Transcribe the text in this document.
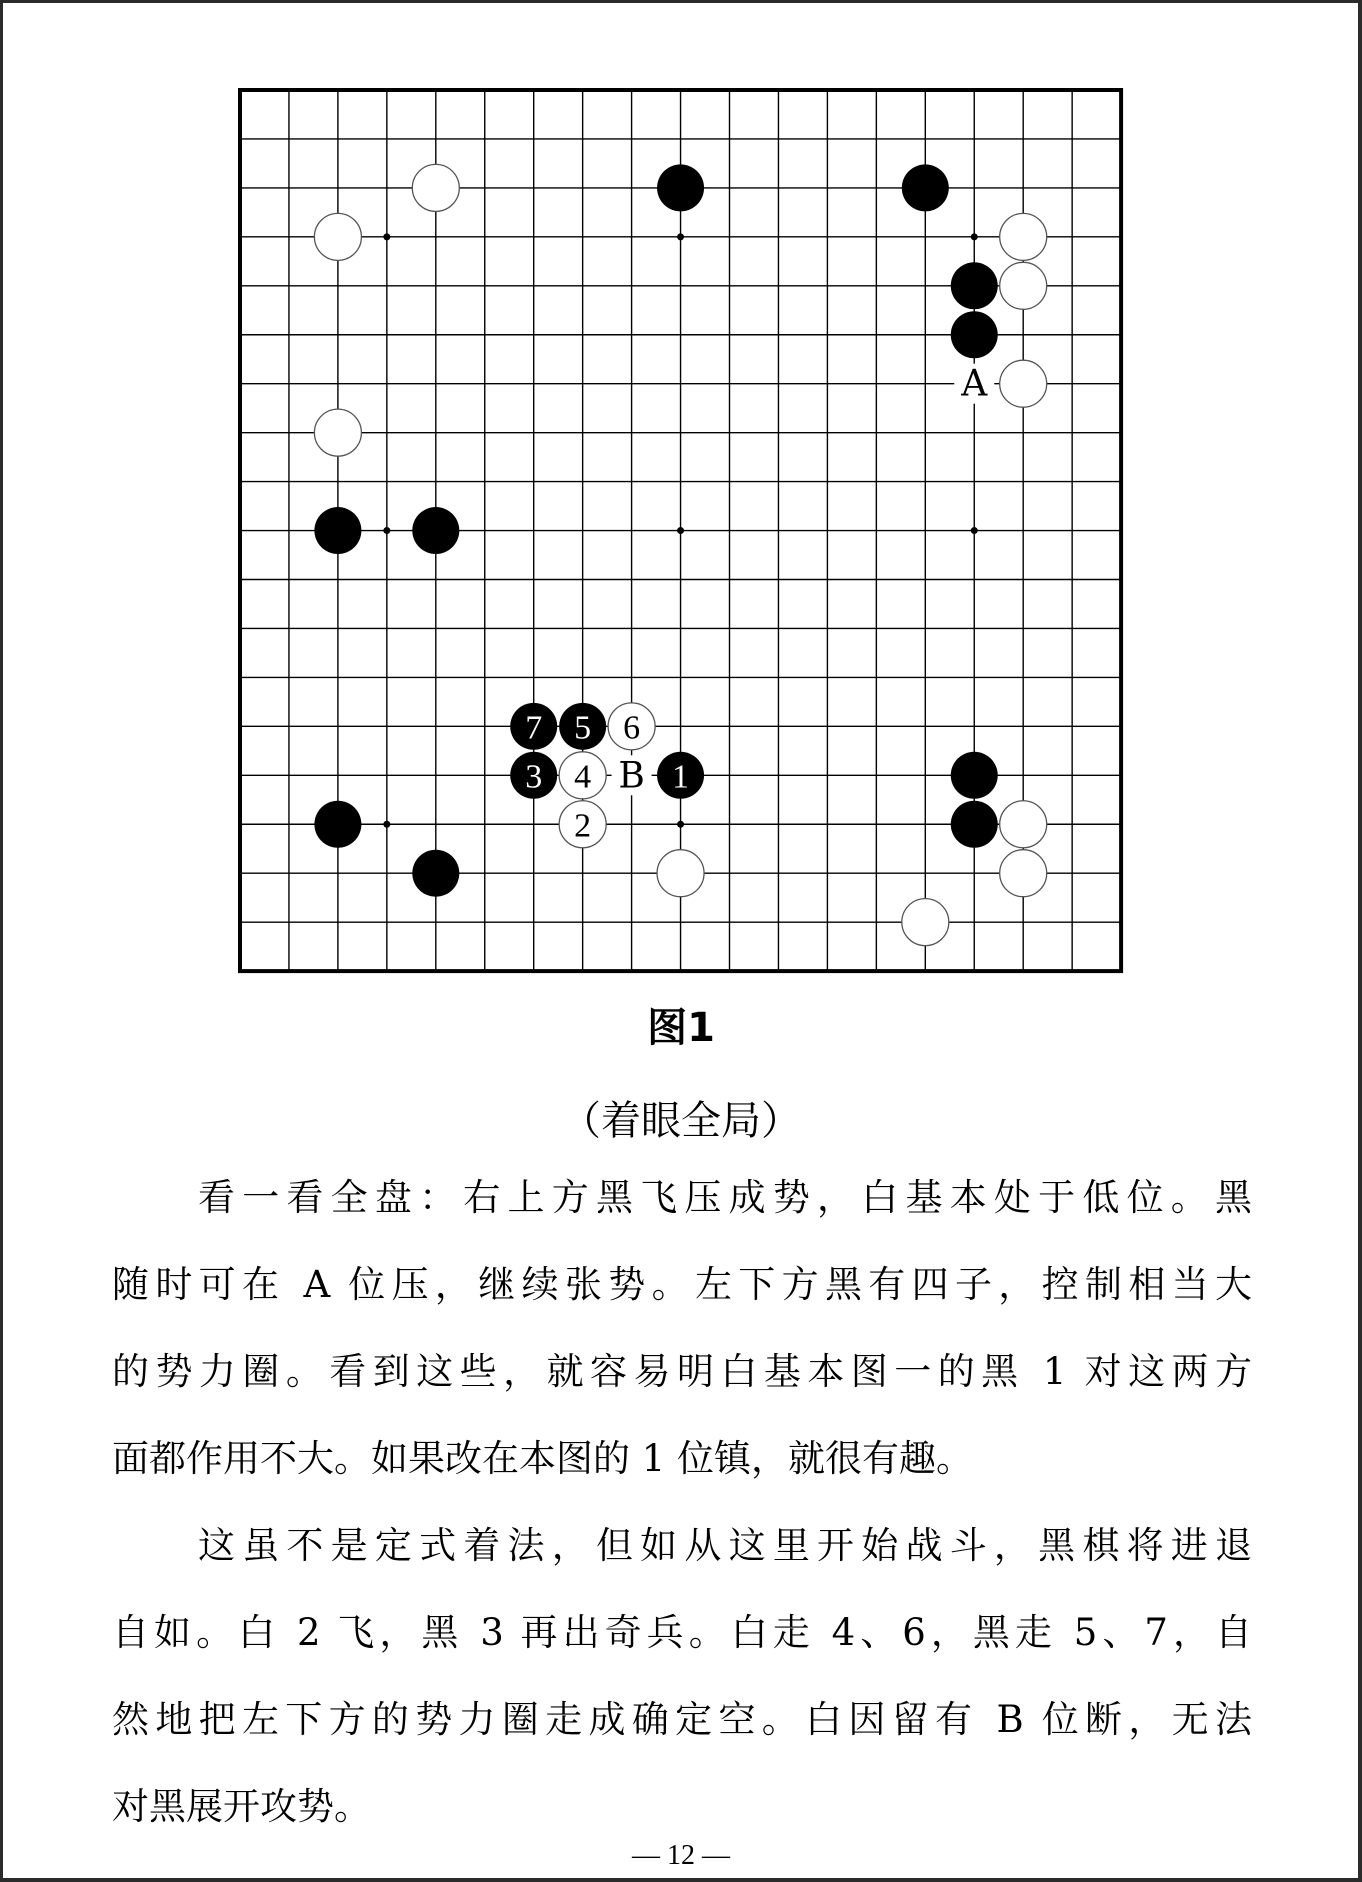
A
B
7 5 6
3 4 1
2
图1
（着眼全局）
看一看全盘：右上方黑飞压成势，白基本处于低位。黑
随时可在 A 位压，继续张势。左下方黑有四子，控制相当大
的势力圈。看到这些，就容易明白基本图一的黑 1 对这两方
面都作用不大。如果改在本图的 1 位镇，就很有趣。
这虽不是定式着法，但如从这里开始战斗，黑棋将进退
自如。白 2 飞，黑 3 再出奇兵。白走 4、6，黑走 5、7，自
然地把左下方的势力圈走成确定空。白因留有 B 位断，无法
对黑展开攻势。
— 12 —
